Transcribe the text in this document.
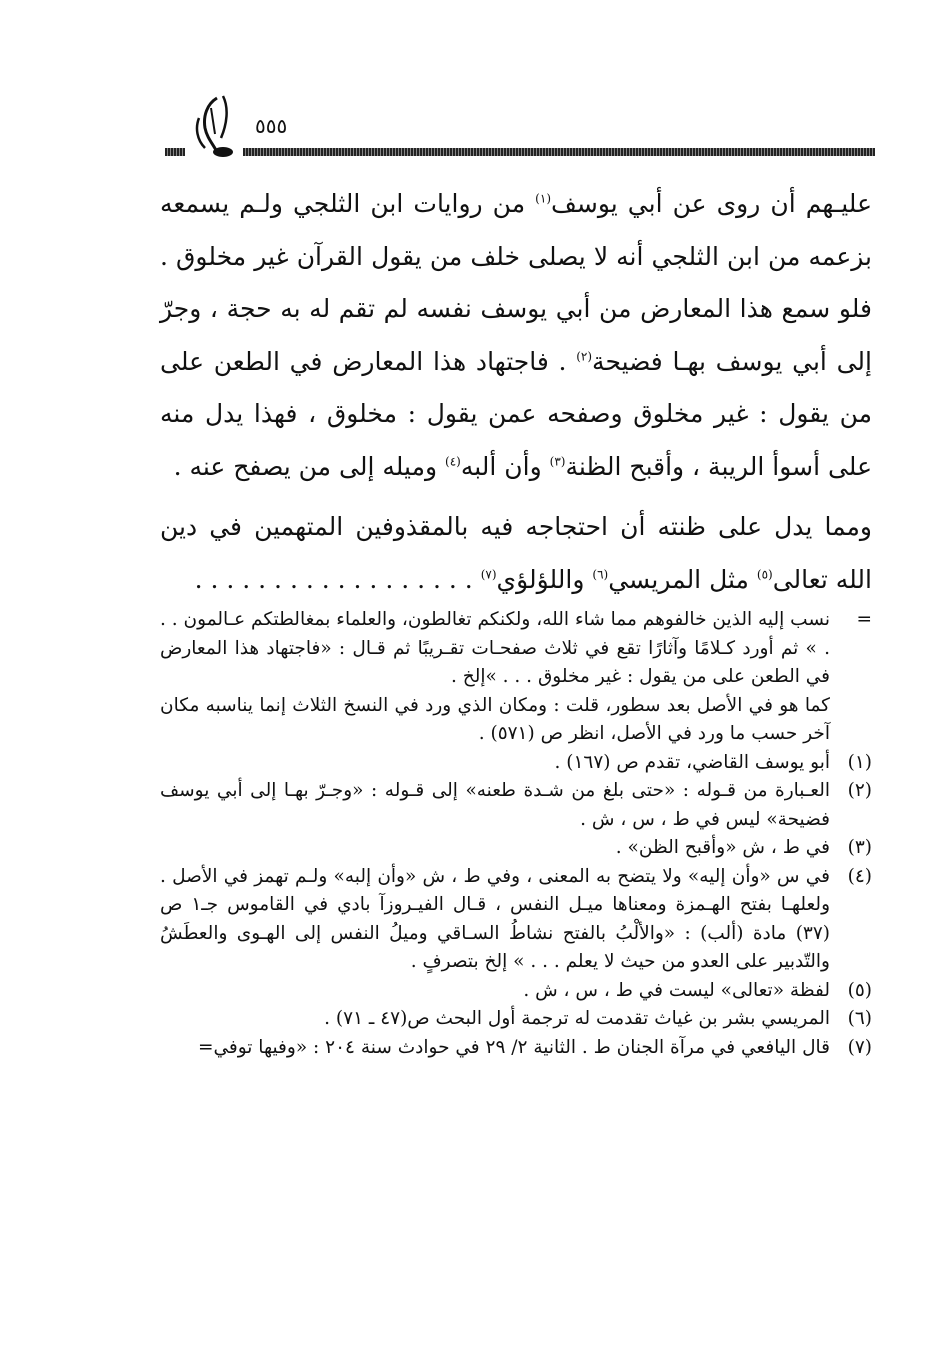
٥٥٥

عليـهم أن روى عن أبي يوسف$^{(١)}$ من روايات ابن الثلجي ولـم يسمعه بزعمه من ابن الثلجي أنه لا يصلى خلف من يقول القرآن غير مخلوق . فلو سمع هذا المعارض من أبي يوسف نفسه لم تقم له به حجة ، وجرّ إلى أبي يوسف بهـا فضيحة$^{(٢)}$ . فاجتهاد هذا المعارض في الطعن على من يقول : غير مخلوق وصفحه عمن يقول : مخلوق ، فهذا يدل منه على أسوأ الريبة ، وأقبح الظنة$^{(٣)}$ وأن ألبه$^{(٤)}$ وميله إلى من يصفح عنه .

ومما يدل على ظنته أن احتجاجه فيه بالمقذوفين المتهمين في دين الله تعالى$^{(٥)}$ مثل المريسي$^{(٦)}$ واللؤلؤي$^{(٧)}$ . . . . . . . . . . . . . . . . . .

=
نسب إليه الذين خالفوهم مما شاء الله، ولكنكم تغالطون، والعلماء بمغالطتكم عـالمون . . . » ثم أورد كـلامًا وآثارًا تقع في ثلاث صفحـات تقـريبًا ثم قـال : «فاجتهاد هذا المعارض في الطعن على من يقول : غير مخلوق . . . »إلخ .
كما هو في الأصل بعد سطور، قلت : ومكان الذي ورد في النسخ الثلاث إنما يناسبه مكان آخر حسب ما ورد في الأصل، انظر ص (٥٧١) .
(١)
أبو يوسف القاضي، تقدم ص (١٦٧) .
(٢)
العـبارة من قـوله : «حتى بلغ من شـدة طعنه» إلى قـوله : «وجـرّ بهـا إلى أبي يوسف فضيحة» ليس في ط ، س ، ش .
(٣)
في ط ، ش «وأقبح الظن» .
(٤)
في س «وأن إليه» ولا يتضح به المعنى ، وفي ط ، ش «وأن إلبه» ولـم تهمز في الأصل . ولعلهـا بفتح الهـمزة ومعناها ميـل النفس ، قـال الفيـروزآ بادي في القاموس جـ١ ص (٣٧) مادة (ألب) : «والألْبُ بالفتح نشاطُ السـاقي وميلُ النفس إلى الهـوى والعطَشُ والتّدبير على العدو من حيث لا يعلم . . . » إلخ بتصرفٍ .
(٥)
لفظة «تعالى» ليست في ط ، س ، ش .
(٦)
المريسي بشر بن غياث تقدمت له ترجمة أول البحث ص(٤٧ ـ ٧١) .
(٧)
قال اليافعي في مرآة الجنان ط . الثانية ٢/ ٢٩ في حوادث سنة ٢٠٤ : «وفيها توفي=
